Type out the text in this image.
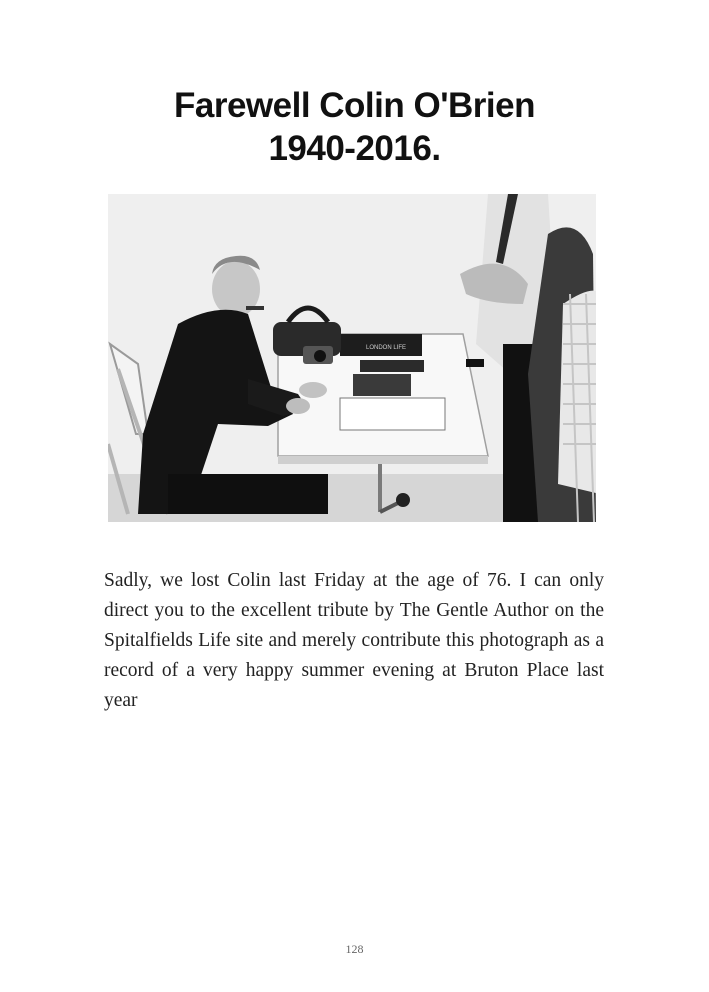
Farewell Colin O'Brien
1940-2016.
LONDON LIFE
Sadly, we lost Colin last Friday at the age of 76. I can only direct you to the excellent tribute by The Gentle Author on the Spitalfields Life site and merely contribute this photograph as a record of a very happy summer evening at Bruton Place last year
128
